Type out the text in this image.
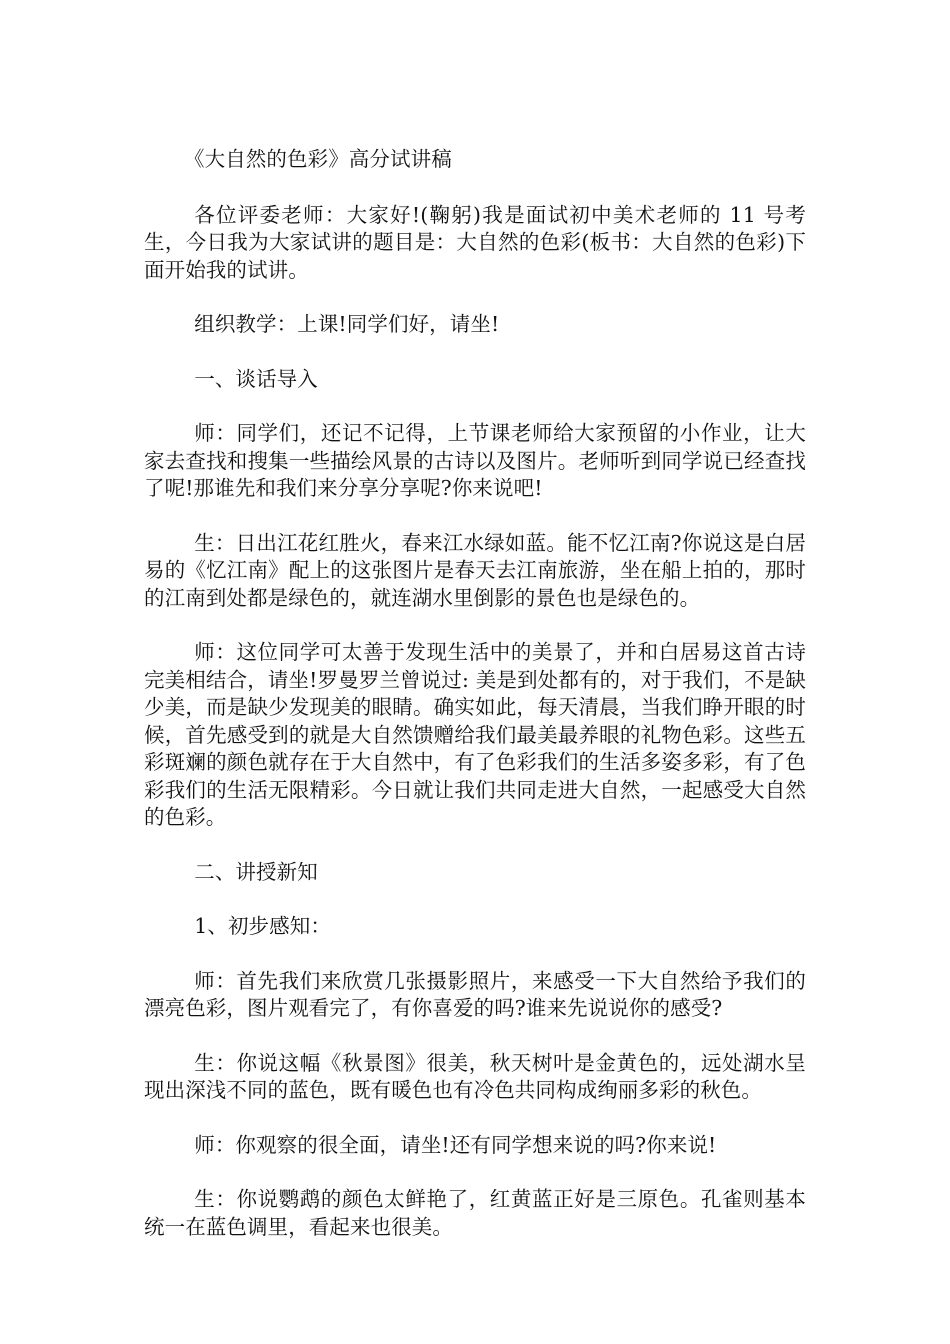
《大自然的色彩》高分试讲稿

各位评委老师：大家好!(鞠躬)我是面试初中美术老师的 11 号考生，今日我为大家试讲的题目是：大自然的色彩(板书：大自然的色彩)下面开始我的试讲。

组织教学：上课!同学们好，请坐!

一、谈话导入

师：同学们，还记不记得，上节课老师给大家预留的小作业，让大家去查找和搜集一些描绘风景的古诗以及图片。老师听到同学说已经查找了呢!那谁先和我们来分享分享呢?你来说吧!

生：日出江花红胜火，春来江水绿如蓝。能不忆江南?你说这是白居易的《忆江南》配上的这张图片是春天去江南旅游，坐在船上拍的，那时的江南到处都是绿色的，就连湖水里倒影的景色也是绿色的。

师：这位同学可太善于发现生活中的美景了，并和白居易这首古诗完美相结合，请坐!罗曼罗兰曾说过: 美是到处都有的，对于我们，不是缺少美，而是缺少发现美的眼睛。确实如此，每天清晨，当我们睁开眼的时候，首先感受到的就是大自然馈赠给我们最美最养眼的礼物色彩。这些五彩斑斓的颜色就存在于大自然中，有了色彩我们的生活多姿多彩，有了色彩我们的生活无限精彩。今日就让我们共同走进大自然，一起感受大自然的色彩。

二、讲授新知

1、初步感知：

师：首先我们来欣赏几张摄影照片，来感受一下大自然给予我们的漂亮色彩，图片观看完了，有你喜爱的吗?谁来先说说你的感受?

生：你说这幅《秋景图》很美，秋天树叶是金黄色的，远处湖水呈现出深浅不同的蓝色，既有暖色也有冷色共同构成绚丽多彩的秋色。

师：你观察的很全面，请坐!还有同学想来说的吗?你来说!

生：你说鹦鹉的颜色太鲜艳了，红黄蓝正好是三原色。孔雀则基本统一在蓝色调里，看起来也很美。
